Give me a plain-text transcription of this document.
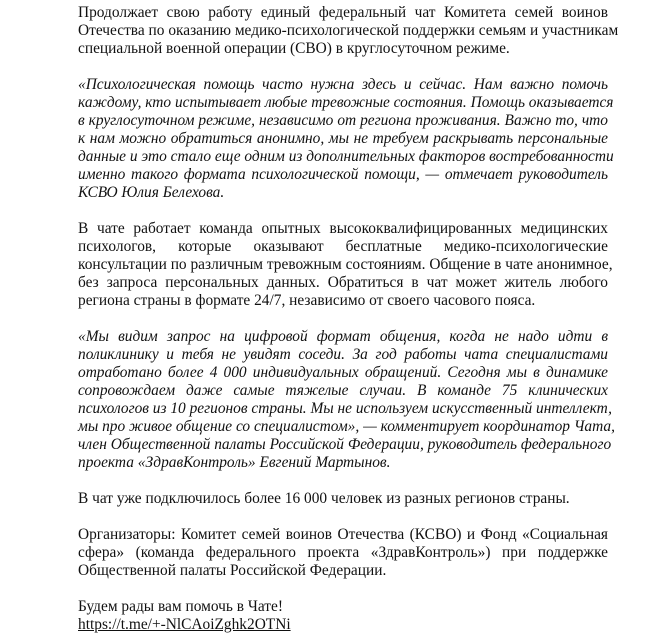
Продолжает свою работу единый федеральный чат Комитета семей воинов
Отечества по оказанию медико-психологической поддержки семьям и участникам
специальной военной операции (СВО) в круглосуточном режиме.

«Психологическая помощь часто нужна здесь и сейчас. Нам важно помочь
каждому, кто испытывает любые тревожные состояния. Помощь оказывается
в круглосуточном режиме, независимо от региона проживания. Важно то, что
к нам можно обратиться анонимно, мы не требуем раскрывать персональные
данные и это стало еще одним из дополнительных факторов востребованности
именно такого формата психологической помощи, — отмечает руководитель
КСВО Юлия Белехова.

В чате работает команда опытных высококвалифицированных медицинских
психологов, которые оказывают бесплатные медико-психологические
консультации по различным тревожным состояниям. Общение в чате анонимное,
без запроса персональных данных. Обратиться в чат может житель любого
региона страны в формате 24/7, независимо от своего часового пояса.

«Мы видим запрос на цифровой формат общения, когда не надо идти в
поликлинику и тебя не увидят соседи. За год работы чата специалистами
отработано более 4 000 индивидуальных обращений. Сегодня мы в динамике
сопровождаем даже самые тяжелые случаи. В команде 75 клинических
психологов из 10 регионов страны. Мы не используем искусственный интеллект,
мы про живое общение со специалистом», — комментирует координатор Чата,
член Общественной палаты Российской Федерации, руководитель федерального
проекта «ЗдравКонтроль» Евгений Мартынов.

В чат уже подключилось более 16 000 человек из разных регионов страны.

Организаторы: Комитет семей воинов Отечества (КСВО) и Фонд «Социальная
сфера» (команда федерального проекта «ЗдравКонтроль») при поддержке
Общественной палаты Российской Федерации.

Будем рады вам помочь в Чате!
https://t.me/+-NlCAoiZghk2OTNi
